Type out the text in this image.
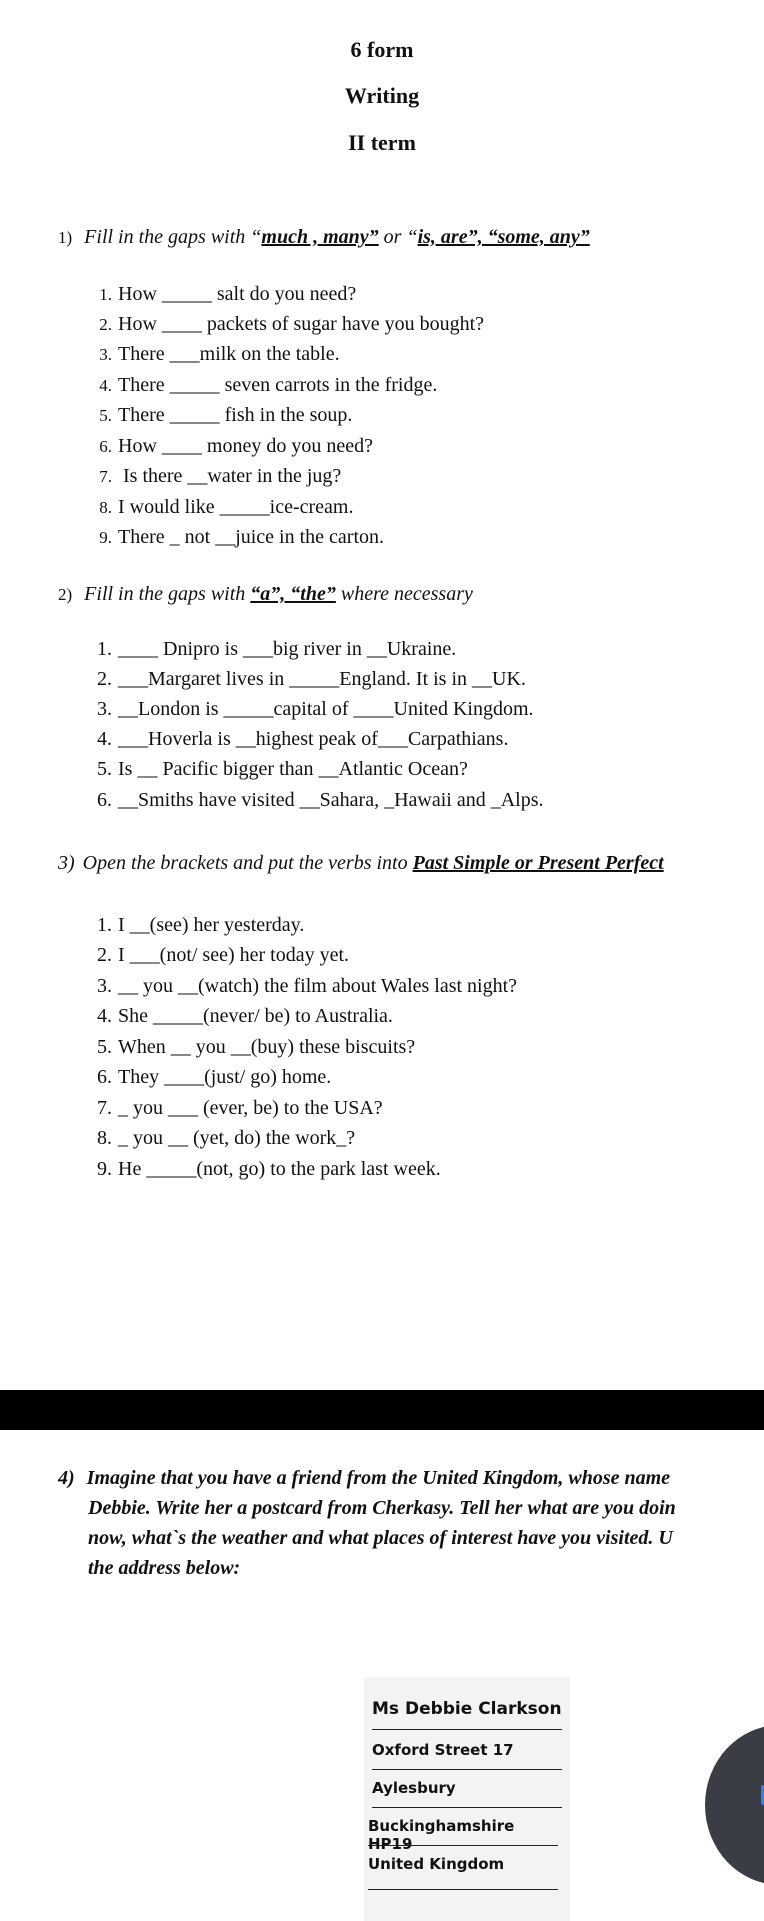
6 form
Writing
II term
1) Fill in the gaps with “much , many” or “is, are”, “some, any”
1. How _____ salt do you need?
2. How ____ packets of sugar have you bought?
3. There ___milk on the table.
4. There _____ seven carrots in the fridge.
5. There _____ fish in the soup.
6. How ____ money do you need?
7. Is there __water in the jug?
8. I would like _____ice-cream.
9. There _ not __juice in the carton.
2) Fill in the gaps with “a”, “the” where necessary
1. ____ Dnipro is ___big river in __Ukraine.
2. ___Margaret lives in _____England. It is in __UK.
3. __London is _____capital of ____United Kingdom.
4. ___Hoverla is __highest peak of___Carpathians.
5. Is __ Pacific bigger than __Atlantic Ocean?
6. __Smiths have visited __Sahara, _Hawaii and _Alps.
3) Open the brackets and put the verbs into Past Simple or Present Perfect
1. I __(see) her yesterday.
2. I ___(not/ see) her today yet.
3. __ you __(watch) the film about Wales last night?
4. She _____(never/ be) to Australia.
5. When __ you __(buy) these biscuits?
6. They ____(just/ go) home.
7. _ you ___ (ever, be) to the USA?
8. _ you __ (yet, do) the work_?
9. He _____(not, go) to the park last week.
4) Imagine that you have a friend from the United Kingdom, whose name
Debbie. Write her a postcard from Cherkasy. Tell her what are you doin
now, what`s the weather and what places of interest have you visited. U
the address below:
Ms Debbie Clarkson
Oxford Street 17
Aylesbury
Buckinghamshire HP19
United Kingdom
